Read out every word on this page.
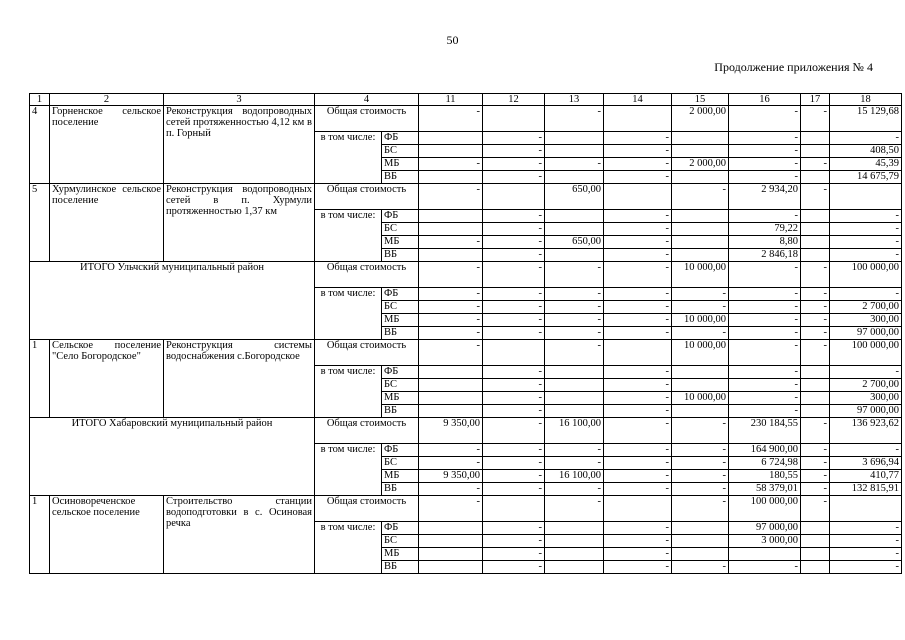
50
Продолжение приложения № 4
1	2	3	4		11	12	13	14	15	16	17	18
4	Горненское сельское поселение	Реконструкция водопроводных сетей протяженностью 4,12 км в п. Горный	Общая стоимость		-		-		2 000,00	-	-	15 129,68
			в том числе:	ФБ		-		-		-		-
				БС		-		-		-		408,50
				МБ	-	-	-	-	2 000,00	-	-	45,39
				ВБ		-		-		-		14 675,79
5	Хурмулинское сельское поселение	Реконструкция водопроводных сетей в п. Хурмули протяженностью 1,37 км	Общая стоимость		-		650,00		-	2 934,20	-	
			в том числе:	ФБ		-		-		-		-
				БС		-		-		79,22		-
				МБ	-	-	650,00	-		8,80		-
				ВБ		-		-		2 846,18		-
ИТОГО Ульчский муниципальный район			Общая стоимость		-	-	-	-	10 000,00	-	-	100 000,00
			в том числе:	ФБ	-	-	-	-	-	-	-	-
				БС	-	-	-	-	-	-	-	2 700,00
				МБ	-	-	-	-	10 000,00	-	-	300,00
				ВБ	-	-	-	-	-	-	-	97 000,00
1	Сельское поселение "Село Богородское"	Реконструкция системы водоснабжения с.Богородское	Общая стоимость		-		-		10 000,00	-	-	100 000,00
			в том числе:	ФБ		-		-		-		-
				БС		-		-		-		2 700,00
				МБ		-		-	10 000,00	-		300,00
				ВБ		-		-		-		97 000,00
ИТОГО Хабаровский муниципальный район			Общая стоимость		9 350,00	-	16 100,00	-	-	230 184,55	-	136 923,62
			в том числе:	ФБ	-	-	-	-	-	164 900,00	-	-
				БС	-	-	-	-	-	6 724,98	-	3 696,94
				МБ	9 350,00	-	16 100,00	-	-	180,55	-	410,77
				ВБ	-	-	-	-	-	58 379,01	-	132 815,91
1	Осиновореченское сельское поселение	Строительство станции водоподготовки в с. Осиновая речка	Общая стоимость		-		-		-	100 000,00	-	
			в том числе:	ФБ		-		-		97 000,00		-
				БС		-		-		3 000,00		-
				МБ		-		-				-
				ВБ		-		-	-	-		-
